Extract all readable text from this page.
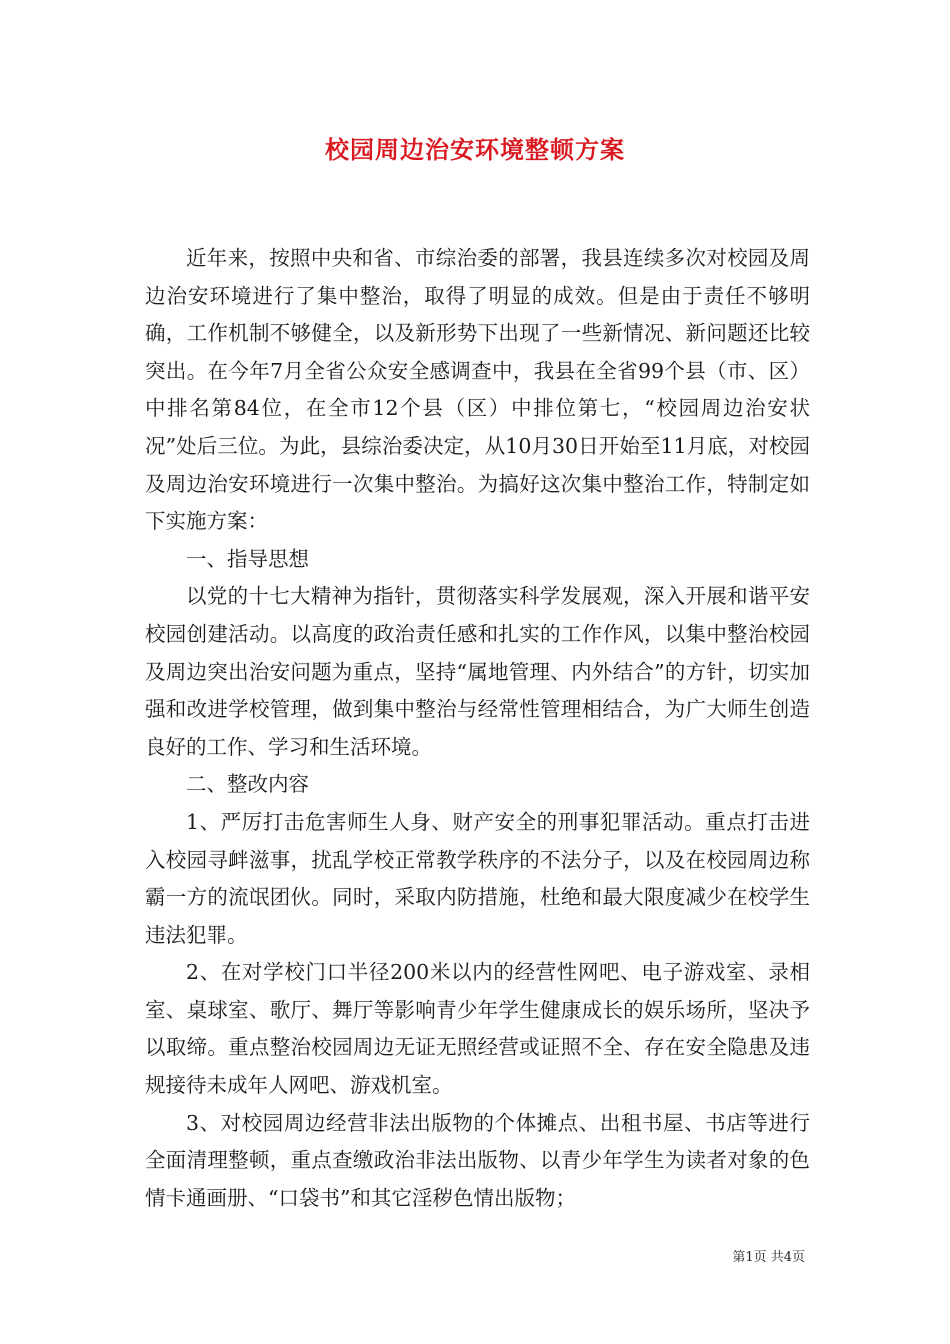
校园周边治安环境整顿方案

近年来，按照中央和省、市综治委的部署，我县连续多次对校园及周边治安环境进行了集中整治，取得了明显的成效。但是由于责任不够明确，工作机制不够健全，以及新形势下出现了一些新情况、新问题还比较突出。在今年7月全省公众安全感调查中，我县在全省99个县（市、区）中排名第84位，在全市12个县（区）中排位第七，“校园周边治安状况”处后三位。为此，县综治委决定，从10月30日开始至11月底，对校园及周边治安环境进行一次集中整治。为搞好这次集中整治工作，特制定如下实施方案：

一、指导思想

以党的十七大精神为指针，贯彻落实科学发展观，深入开展和谐平安校园创建活动。以高度的政治责任感和扎实的工作作风，以集中整治校园及周边突出治安问题为重点，坚持“属地管理、内外结合”的方针，切实加强和改进学校管理，做到集中整治与经常性管理相结合，为广大师生创造良好的工作、学习和生活环境。

二、整改内容

1、严厉打击危害师生人身、财产安全的刑事犯罪活动。重点打击进入校园寻衅滋事，扰乱学校正常教学秩序的不法分子，以及在校园周边称霸一方的流氓团伙。同时，采取内防措施，杜绝和最大限度减少在校学生违法犯罪。

2、在对学校门口半径200米以内的经营性网吧、电子游戏室、录相室、桌球室、歌厅、舞厅等影响青少年学生健康成长的娱乐场所，坚决予以取缔。重点整治校园周边无证无照经营或证照不全、存在安全隐患及违规接待未成年人网吧、游戏机室。

3、对校园周边经营非法出版物的个体摊点、出租书屋、书店等进行全面清理整顿，重点查缴政治非法出版物、以青少年学生为读者对象的色情卡通画册、“口袋书”和其它淫秽色情出版物；

第1页 共4页
